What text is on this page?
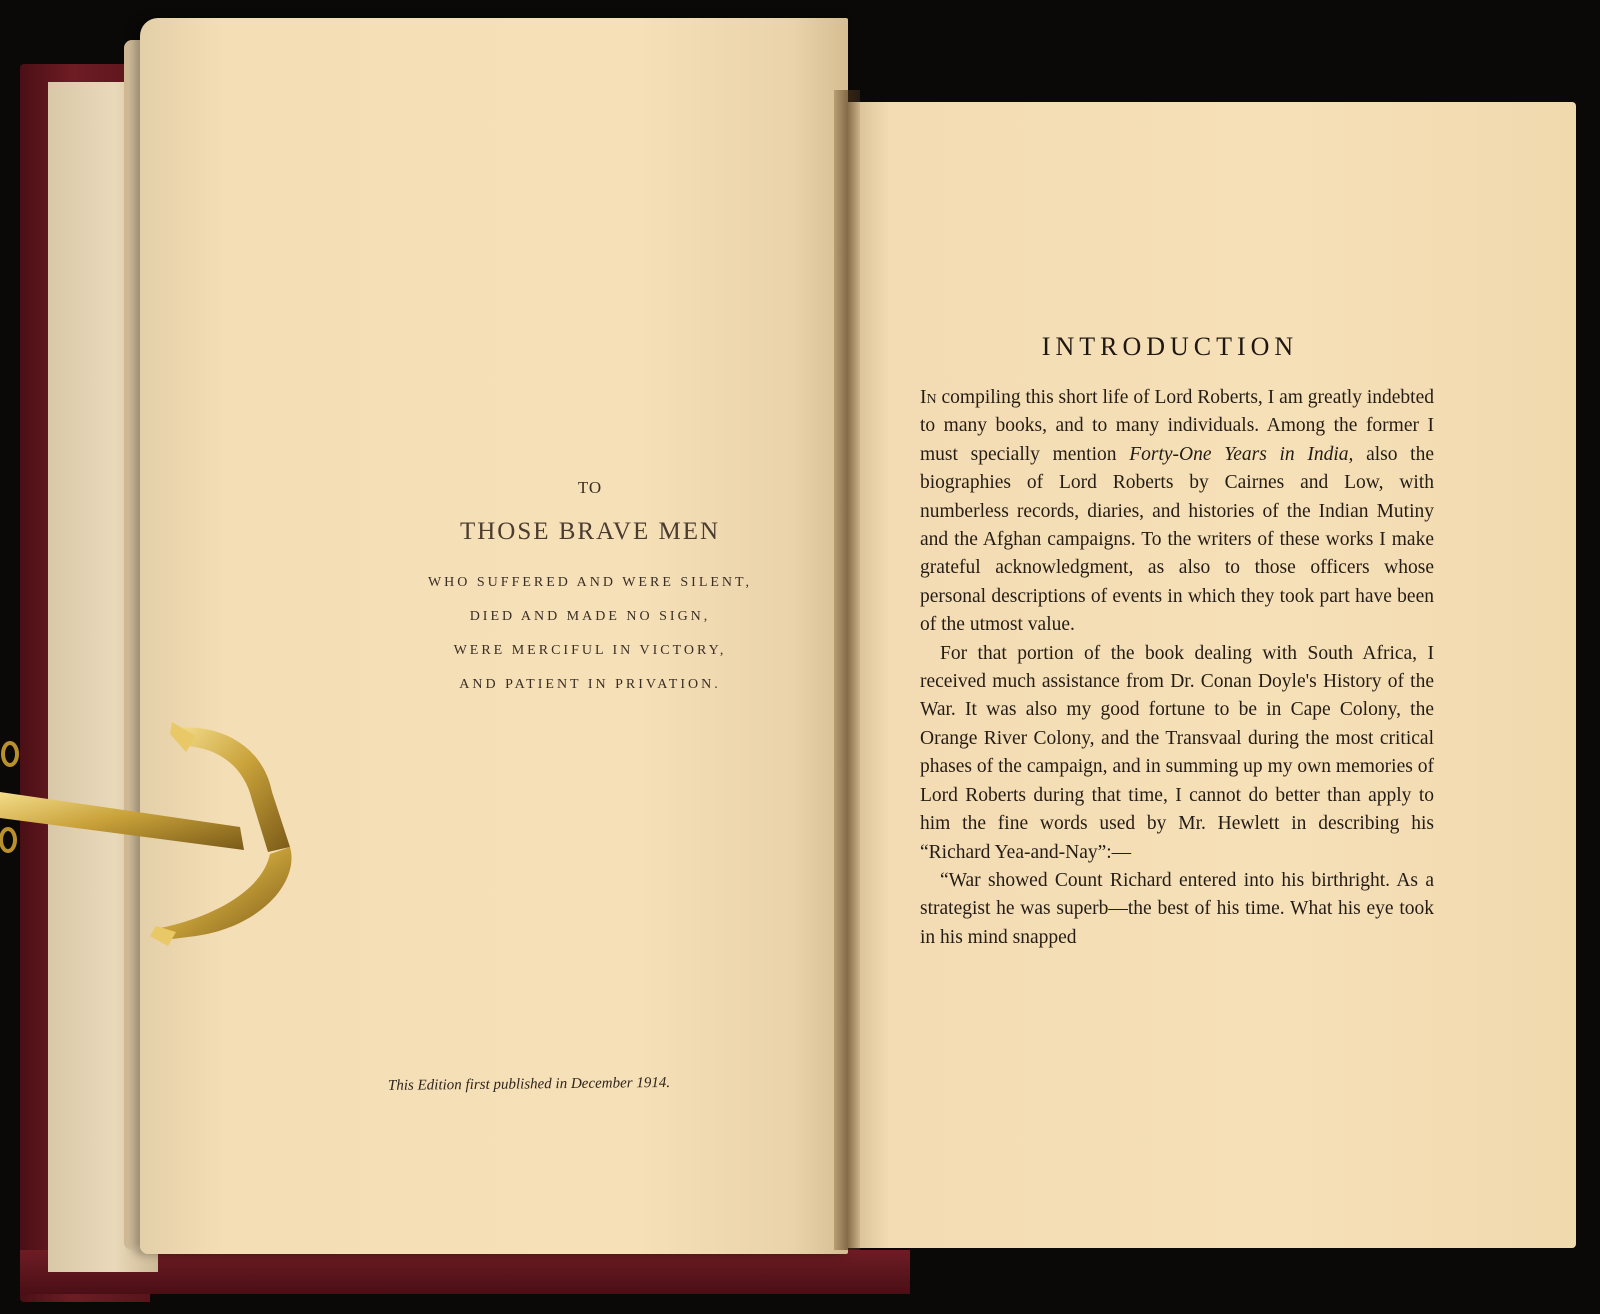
TO
THOSE BRAVE MEN
WHO SUFFERED AND WERE SILENT,
DIED AND MADE NO SIGN,
WERE MERCIFUL IN VICTORY,
AND PATIENT IN PRIVATION.
This Edition first published in December 1914.
INTRODUCTION

In compiling this short life of Lord Roberts, I am greatly indebted to many books, and to many individuals. Among the former I must specially mention Forty-One Years in India, also the biographies of Lord Roberts by Cairnes and Low, with numberless records, diaries, and histories of the Indian Mutiny and the Afghan campaigns. To the writers of these works I make grateful acknowledgment, as also to those officers whose personal descriptions of events in which they took part have been of the utmost value.

For that portion of the book dealing with South Africa, I received much assistance from Dr. Conan Doyle's History of the War. It was also my good fortune to be in Cape Colony, the Orange River Colony, and the Transvaal during the most critical phases of the campaign, and in summing up my own memories of Lord Roberts during that time, I cannot do better than apply to him the fine words used by Mr. Hewlett in describing his “Richard Yea-and-Nay”:—

“War showed Count Richard entered into his birthright. As a strategist he was superb—the best of his time. What his eye took in his mind snapped
